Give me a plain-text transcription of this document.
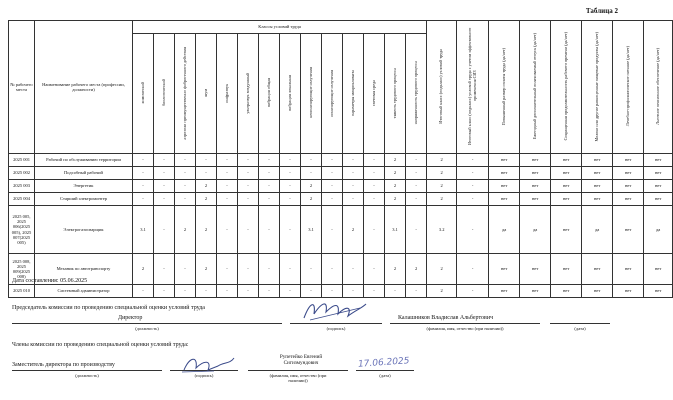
Таблица 2
№ рабочего места	Наименование рабочего места (профессии, должности)	Классы условий труда														Итоговый класс (подкласс) условий труда	Итоговый класс (подкласс) условий труда с учетом эффективного применения СИЗ	Повышенный размер оплаты труда (да/нет)	Ежегодный дополнительный оплачиваемый отпуск (да/нет)	Сокращенная продолжительность рабочего времени (да/нет)	Молоко или другие равноценные пищевые продукты (да/нет)	Лечебно-профилактическое питание (да/нет)	Льготное пенсионное обеспечение (да/нет)
		химический	биологический	аэрозоли преимущественно фиброгенного действия	шум	инфразвук	ультразвук воздушный	вибрация общая	вибрация локальная	неионизирующие излучения	ионизирующие излучения	параметры микроклимата	световая среда	тяжесть трудового процесса	напряженность трудового процесса								
2025 001	Рабочий по обслуживанию территории	-	-	-	-	-	-	-	-	-	-	-	-	2	-	2	-	нет	нет	нет	нет	нет	нет
2025 002	Подсобный рабочий	-	-	-	-	-	-	-	-	-	-	-	-	2	-	2	-	нет	нет	нет	нет	нет	нет
2025 003	Энергетик	-	-	-	2	-	-	-	-	2	-	-	-	2	-	2	-	нет	нет	нет	нет	нет	нет
2025 004	Старший электромонтер	-	-	-	2	-	-	-	-	2	-	-	-	2	-	2	-	нет	нет	нет	нет	нет	нет
2025 005, 2025 006(2025 005), 2025 007(2025 005)	Электрогазосварщик	3.1	-	2	2	-	-	-	-	3.1	-	2	-	3.1	-	3.2	-	да	да	нет	да	нет	да
2025 008, 2025 009(2025 008)	Механик по автотранспорту	2	-	-	2	-	-	-	-	-	-	-	-	2	2	2	-	нет	нет	нет	нет	нет	нет
2025 010	Системный администратор	-	-	-	-	-	-	-	-	-	-	-	-	-	-	2	-	нет	нет	нет	нет	нет	нет
Дата составления: 05.06.2025
Председатель комиссии по проведению специальной оценки условий труда
Директор	Калашников Владислав Альбертович
(должность)	(подпись)	(фамилия, имя, отчество (при наличии))	(дата)
Члены комиссии по проведению специальной оценки условий труда:
Заместитель директора по производству
Рупетейко Евгений
Сигизмундович
(должность)	(подпись)	(фамилия, имя, отчество (при
наличии))
(дата)
17.06.2025
